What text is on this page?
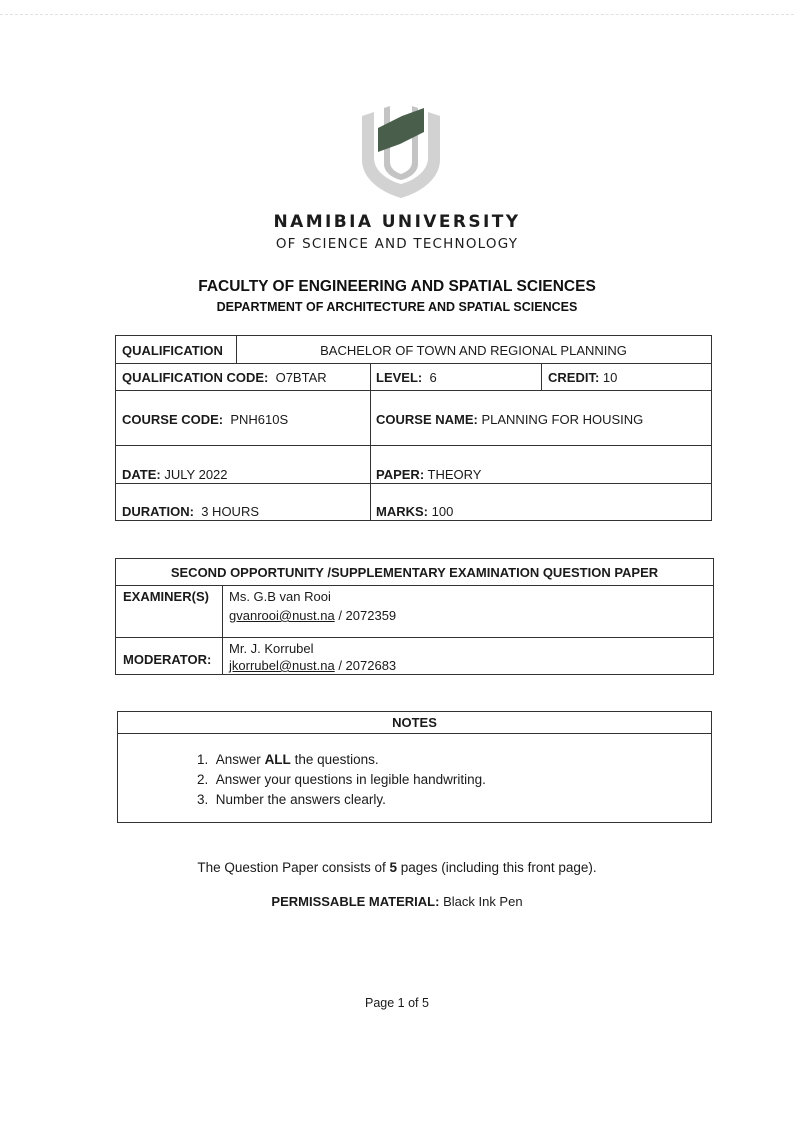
NAMIBIA UNIVERSITY
OF SCIENCE AND TECHNOLOGY
FACULTY OF ENGINEERING AND SPATIAL SCIENCES
DEPARTMENT OF ARCHITECTURE AND SPATIAL SCIENCES
QUALIFICATION	BACHELOR OF TOWN AND REGIONAL PLANNING
QUALIFICATION CODE: O7BTAR	LEVEL: 6	CREDIT: 10
COURSE CODE: PNH610S	COURSE NAME: PLANNING FOR HOUSING
DATE: JULY 2022	PAPER: THEORY
DURATION: 3 HOURS	MARKS: 100
SECOND OPPORTUNITY /SUPPLEMENTARY EXAMINATION QUESTION PAPER
EXAMINER(S) Ms. G.B van Rooi
gvanrooi@nust.na / 2072359
MODERATOR:
Mr. J. Korrubel
jkorrubel@nust.na / 2072683
NOTES
1. Answer ALL the questions.
2. Answer your questions in legible handwriting.
3. Number the answers clearly.
The Question Paper consists of 5 pages (including this front page).
PERMISSABLE MATERIAL: Black Ink Pen
Page 1 of 5
